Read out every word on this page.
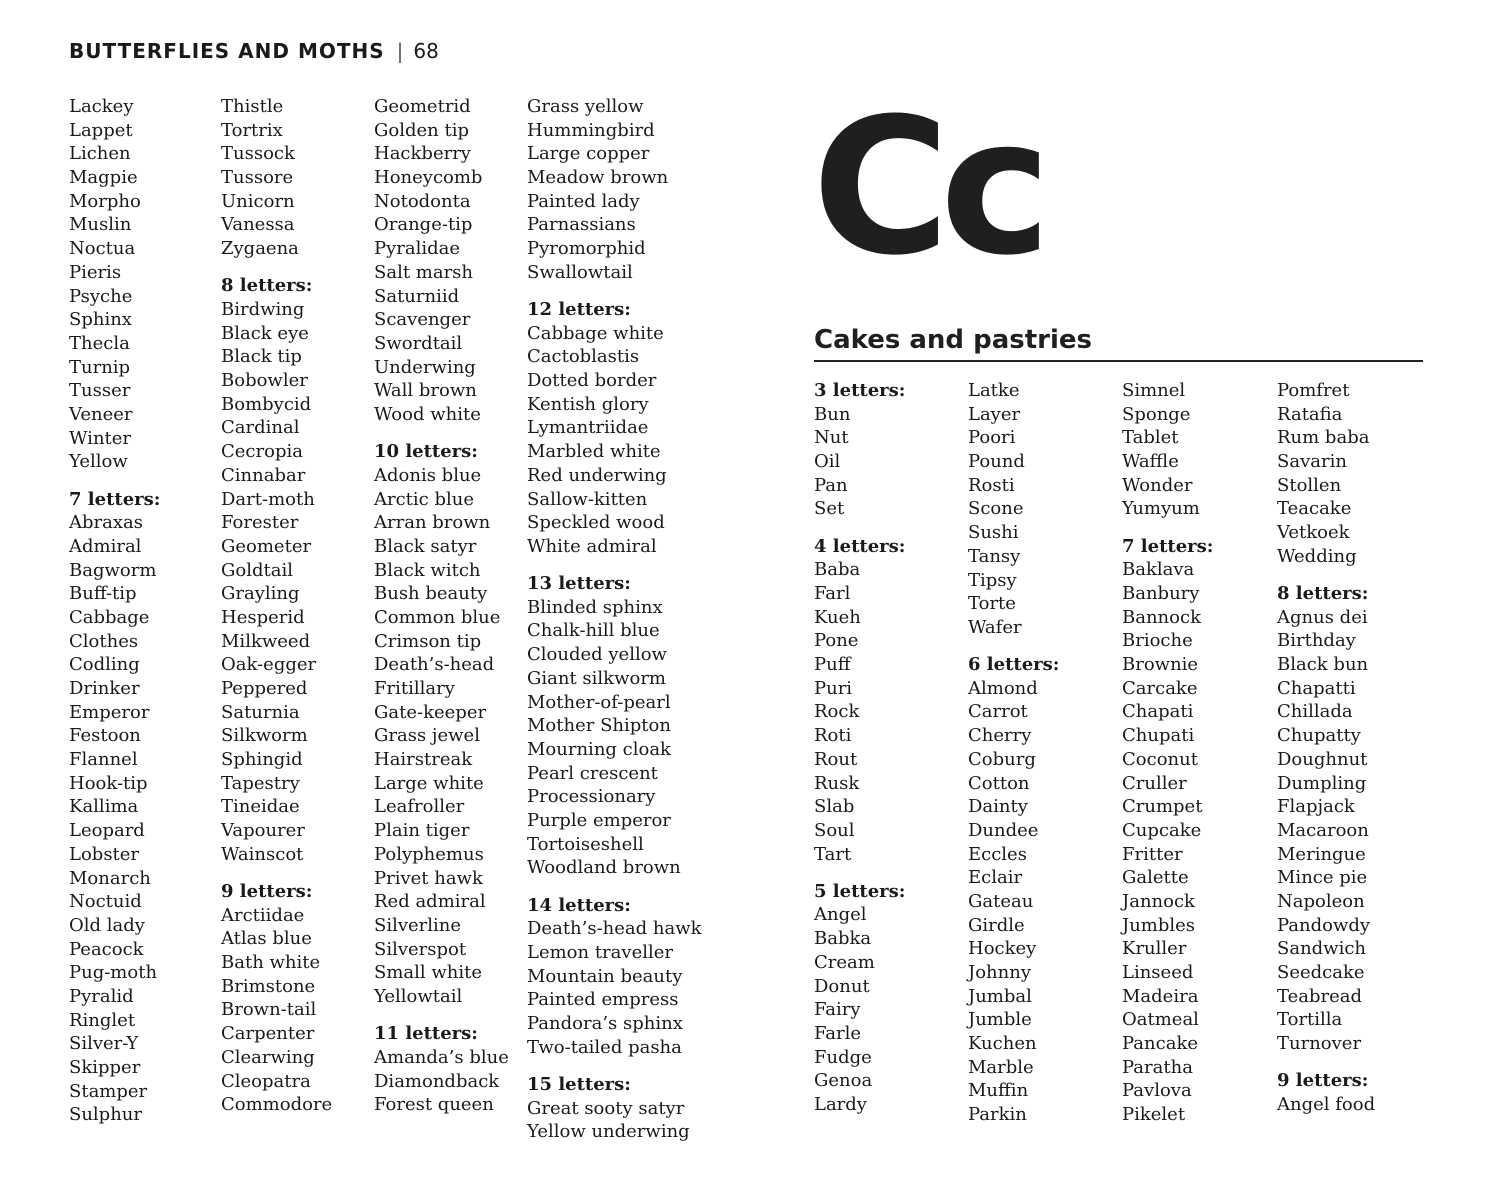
BUTTERFLIES AND MOTHS | 68
Lackey
Lappet
Lichen
Magpie
Morpho
Muslin
Noctua
Pieris
Psyche
Sphinx
Thecla
Turnip
Tusser
Veneer
Winter
Yellow
7 letters:
Abraxas
Admiral
Bagworm
Buff-tip
Cabbage
Clothes
Codling
Drinker
Emperor
Festoon
Flannel
Hook-tip
Kallima
Leopard
Lobster
Monarch
Noctuid
Old lady
Peacock
Pug-moth
Pyralid
Ringlet
Silver-Y
Skipper
Stamper
Sulphur
Thistle
Tortrix
Tussock
Tussore
Unicorn
Vanessa
Zygaena
8 letters:
Birdwing
Black eye
Black tip
Bobowler
Bombycid
Cardinal
Cecropia
Cinnabar
Dart-moth
Forester
Geometer
Goldtail
Grayling
Hesperid
Milkweed
Oak-egger
Peppered
Saturnia
Silkworm
Sphingid
Tapestry
Tineidae
Vapourer
Wainscot
9 letters:
Arctiidae
Atlas blue
Bath white
Brimstone
Brown-tail
Carpenter
Clearwing
Cleopatra
Commodore
Geometrid
Golden tip
Hackberry
Honeycomb
Notodonta
Orange-tip
Pyralidae
Salt marsh
Saturniid
Scavenger
Swordtail
Underwing
Wall brown
Wood white
10 letters:
Adonis blue
Arctic blue
Arran brown
Black satyr
Black witch
Bush beauty
Common blue
Crimson tip
Death’s-head
Fritillary
Gate-keeper
Grass jewel
Hairstreak
Large white
Leafroller
Plain tiger
Polyphemus
Privet hawk
Red admiral
Silverline
Silverspot
Small white
Yellowtail
11 letters:
Amanda’s blue
Diamondback
Forest queen
Grass yellow
Hummingbird
Large copper
Meadow brown
Painted lady
Parnassians
Pyromorphid
Swallowtail
12 letters:
Cabbage white
Cactoblastis
Dotted border
Kentish glory
Lymantriidae
Marbled white
Red underwing
Sallow-kitten
Speckled wood
White admiral
13 letters:
Blinded sphinx
Chalk-hill blue
Clouded yellow
Giant silkworm
Mother-of-pearl
Mother Shipton
Mourning cloak
Pearl crescent
Processionary
Purple emperor
Tortoiseshell
Woodland brown
14 letters:
Death’s-head hawk
Lemon traveller
Mountain beauty
Painted empress
Pandora’s sphinx
Two-tailed pasha
15 letters:
Great sooty satyr
Yellow underwing
Cc
Cakes and pastries
3 letters:
Bun
Nut
Oil
Pan
Set
4 letters:
Baba
Farl
Kueh
Pone
Puff
Puri
Rock
Roti
Rout
Rusk
Slab
Soul
Tart
5 letters:
Angel
Babka
Cream
Donut
Fairy
Farle
Fudge
Genoa
Lardy
Latke
Layer
Poori
Pound
Rosti
Scone
Sushi
Tansy
Tipsy
Torte
Wafer
6 letters:
Almond
Carrot
Cherry
Coburg
Cotton
Dainty
Dundee
Eccles
Eclair
Gateau
Girdle
Hockey
Johnny
Jumbal
Jumble
Kuchen
Marble
Muffin
Parkin
Simnel
Sponge
Tablet
Waffle
Wonder
Yumyum
7 letters:
Baklava
Banbury
Bannock
Brioche
Brownie
Carcake
Chapati
Chupati
Coconut
Cruller
Crumpet
Cupcake
Fritter
Galette
Jannock
Jumbles
Kruller
Linseed
Madeira
Oatmeal
Pancake
Paratha
Pavlova
Pikelet
Pomfret
Ratafia
Rum baba
Savarin
Stollen
Teacake
Vetkoek
Wedding
8 letters:
Agnus dei
Birthday
Black bun
Chapatti
Chillada
Chupatty
Doughnut
Dumpling
Flapjack
Macaroon
Meringue
Mince pie
Napoleon
Pandowdy
Sandwich
Seedcake
Teabread
Tortilla
Turnover
9 letters:
Angel food
